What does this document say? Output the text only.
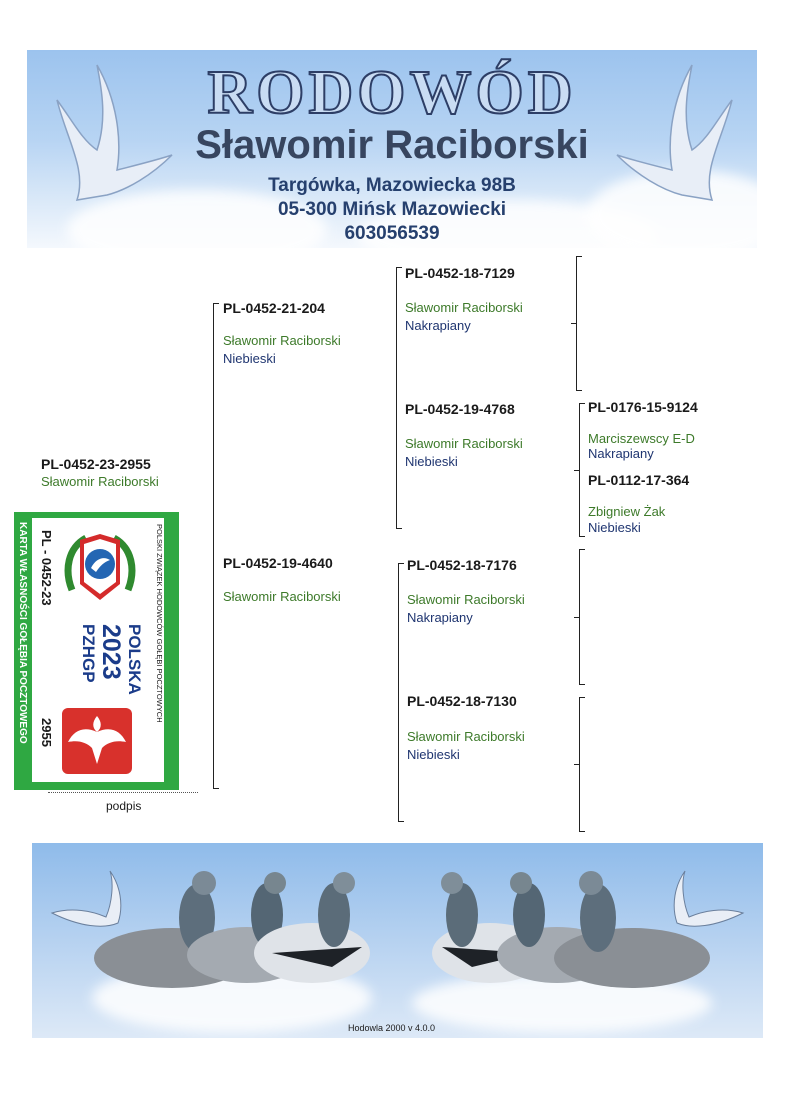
RODOWÓD
Sławomir Raciborski
Targówka, Mazowiecka 98B
05-300 Mińsk Mazowiecki
603056539
PL-0452-23-2955
Sławomir Raciborski
PL-0452-21-204
Sławomir Raciborski
Niebieski
PL-0452-19-4640
Sławomir Raciborski
PL-0452-18-7129
Sławomir Raciborski
Nakrapiany
PL-0452-19-4768
Sławomir Raciborski
Niebieski
PL-0452-18-7176
Sławomir Raciborski
Nakrapiany
PL-0452-18-7130
Sławomir Raciborski
Niebieski
PL-0176-15-9124
Marciszewscy E-D
Nakrapiany
PL-0112-17-364
Zbigniew Żak
Niebieski
KARTA WŁASNOŚCI GOŁĘBIA POCZTOWEGO	POLSKI ZWIĄZEK HODOWCÓW GOŁĘBI POCZTOWYCH
POLSKA
2023
PZHGP
PL - 0452-23
2955
podpis
Hodowla 2000 v 4.0.0
